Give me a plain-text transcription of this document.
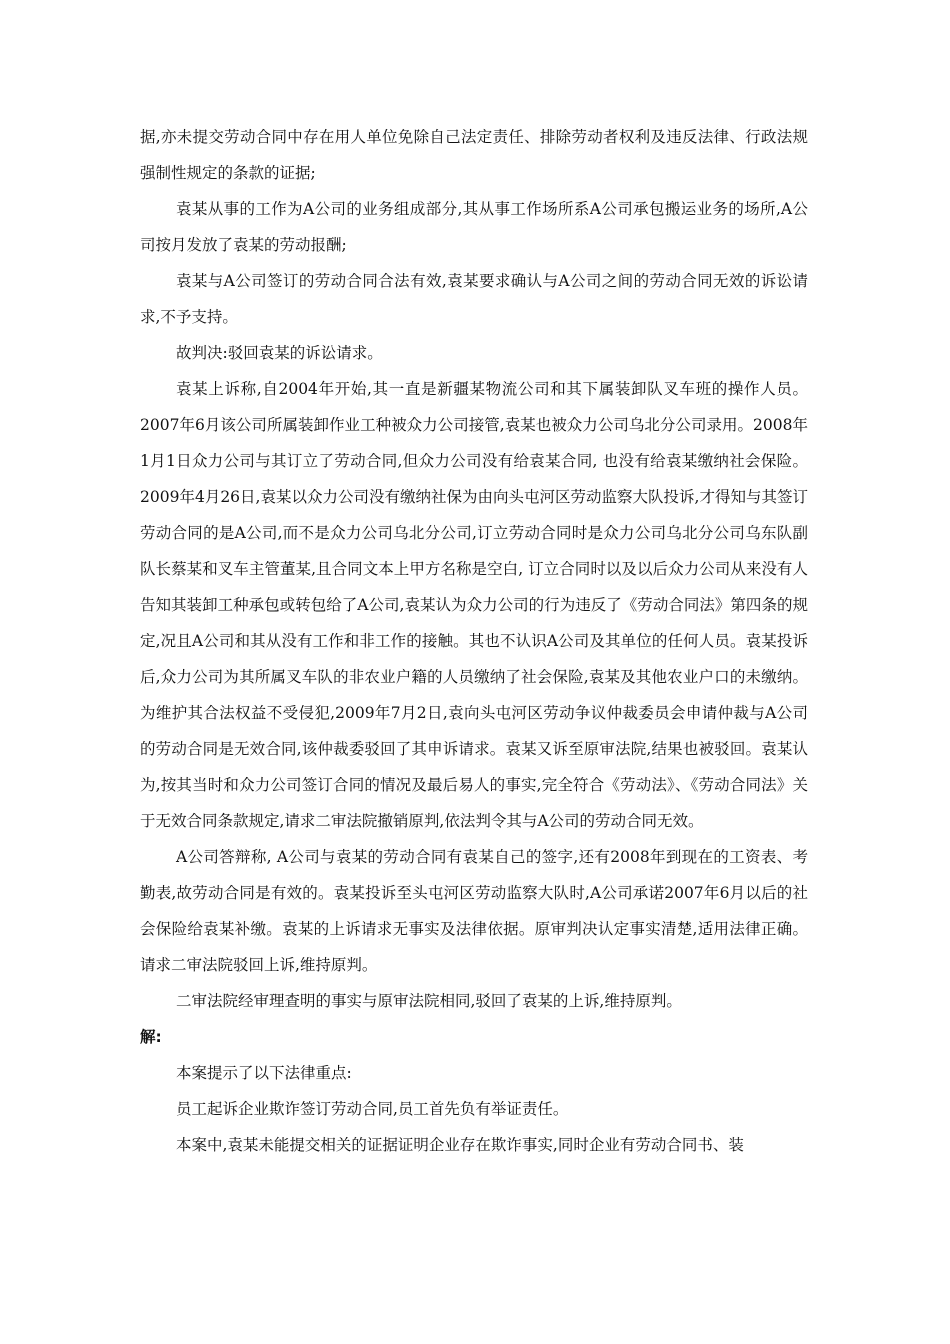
据,亦未提交劳动合同中存在用人单位免除自己法定责任、排除劳动者权利及违反法律、行政法规强制性规定的条款的证据;

袁某从事的工作为A公司的业务组成部分,其从事工作场所系A公司承包搬运业务的场所,A公司按月发放了袁某的劳动报酬;

袁某与A公司签订的劳动合同合法有效,袁某要求确认与A公司之间的劳动合同无效的诉讼请求,不予支持。

故判决:驳回袁某的诉讼请求。

袁某上诉称,自2004年开始,其一直是新疆某物流公司和其下属装卸队叉车班的操作人员。2007年6月该公司所属装卸作业工种被众力公司接管,袁某也被众力公司乌北分公司录用。2008年1月1日众力公司与其订立了劳动合同,但众力公司没有给袁某合同, 也没有给袁某缴纳社会保险。2009年4月26日,袁某以众力公司没有缴纳社保为由向头屯河区劳动监察大队投诉,才得知与其签订劳动合同的是A公司,而不是众力公司乌北分公司,订立劳动合同时是众力公司乌北分公司乌东队副队长蔡某和叉车主管董某,且合同文本上甲方名称是空白, 订立合同时以及以后众力公司从来没有人告知其装卸工种承包或转包给了A公司,袁某认为众力公司的行为违反了《劳动合同法》第四条的规定,况且A公司和其从没有工作和非工作的接触。其也不认识A公司及其单位的任何人员。袁某投诉后,众力公司为其所属叉车队的非农业户籍的人员缴纳了社会保险,袁某及其他农业户口的未缴纳。为维护其合法权益不受侵犯,2009年7月2日,袁向头屯河区劳动争议仲裁委员会申请仲裁与A公司的劳动合同是无效合同,该仲裁委驳回了其申诉请求。袁某又诉至原审法院,结果也被驳回。袁某认为,按其当时和众力公司签订合同的情况及最后易人的事实,完全符合《劳动法》、《劳动合同法》关于无效合同条款规定,请求二审法院撤销原判,依法判令其与A公司的劳动合同无效。

A公司答辩称, A公司与袁某的劳动合同有袁某自己的签字,还有2008年到现在的工资表、考勤表,故劳动合同是有效的。袁某投诉至头屯河区劳动监察大队时,A公司承诺2007年6月以后的社会保险给袁某补缴。袁某的上诉请求无事实及法律依据。原审判决认定事实清楚,适用法律正确。请求二审法院驳回上诉,维持原判。

二审法院经审理查明的事实与原审法院相同,驳回了袁某的上诉,维持原判。

解:

本案提示了以下法律重点:

员工起诉企业欺诈签订劳动合同,员工首先负有举证责任。

本案中,袁某未能提交相关的证据证明企业存在欺诈事实,同时企业有劳动合同书、装
